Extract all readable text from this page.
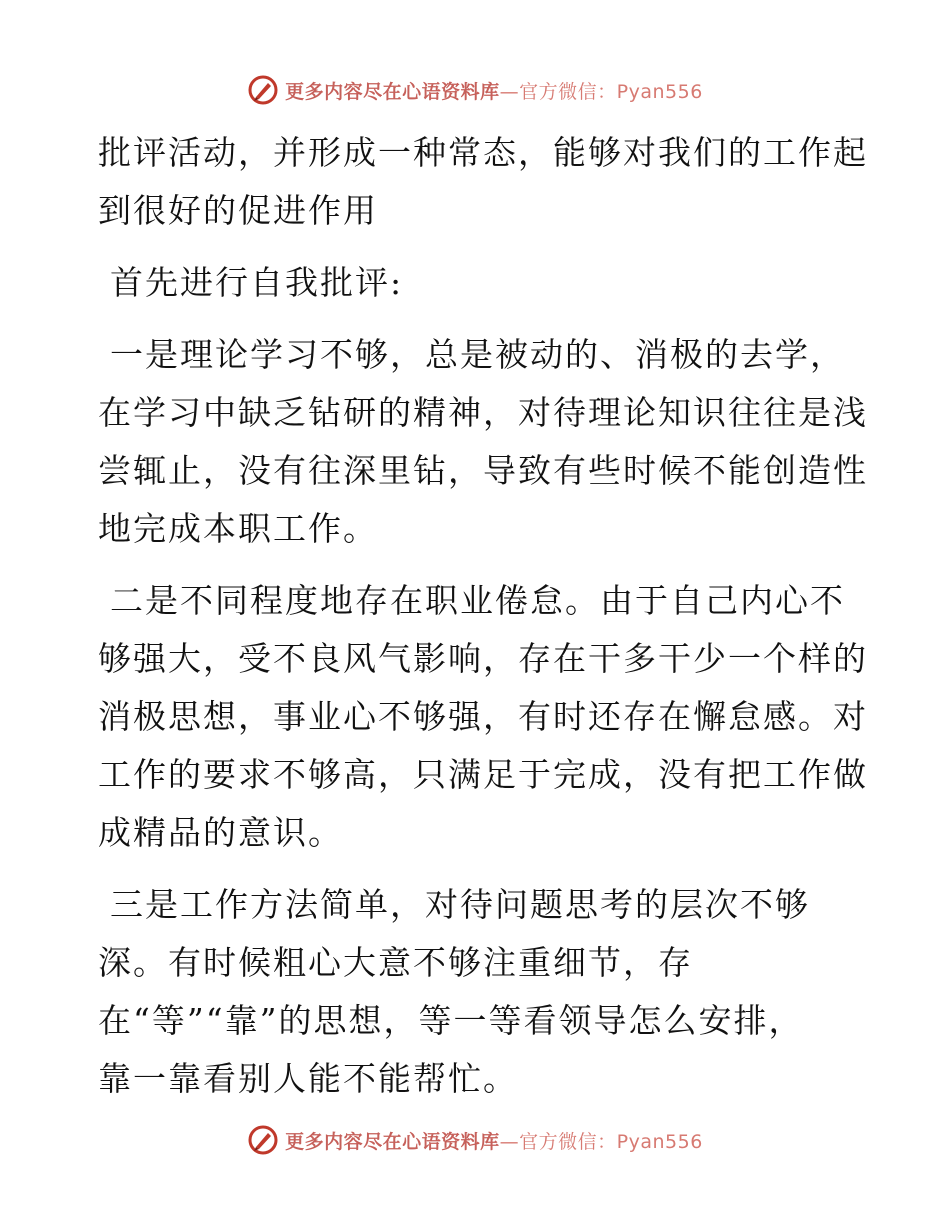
更多内容尽在心语资料库—官方微信：Pyan556

批评活动，并形成一种常态，能够对我们的工作起
到很好的促进作用

首先进行自我批评:

一是理论学习不够，总是被动的、消极的去学，
在学习中缺乏钻研的精神，对待理论知识往往是浅
尝辄止，没有往深里钻，导致有些时候不能创造性
地完成本职工作。

二是不同程度地存在职业倦怠。由于自己内心不
够强大，受不良风气影响，存在干多干少一个样的
消极思想，事业心不够强，有时还存在懈怠感。对
工作的要求不够高，只满足于完成，没有把工作做
成精品的意识。

三是工作方法简单，对待问题思考的层次不够
深。有时候粗心大意不够注重细节，存
在“等”“靠”的思想，等一等看领导怎么安排，
靠一靠看别人能不能帮忙。

更多内容尽在心语资料库—官方微信：Pyan556
